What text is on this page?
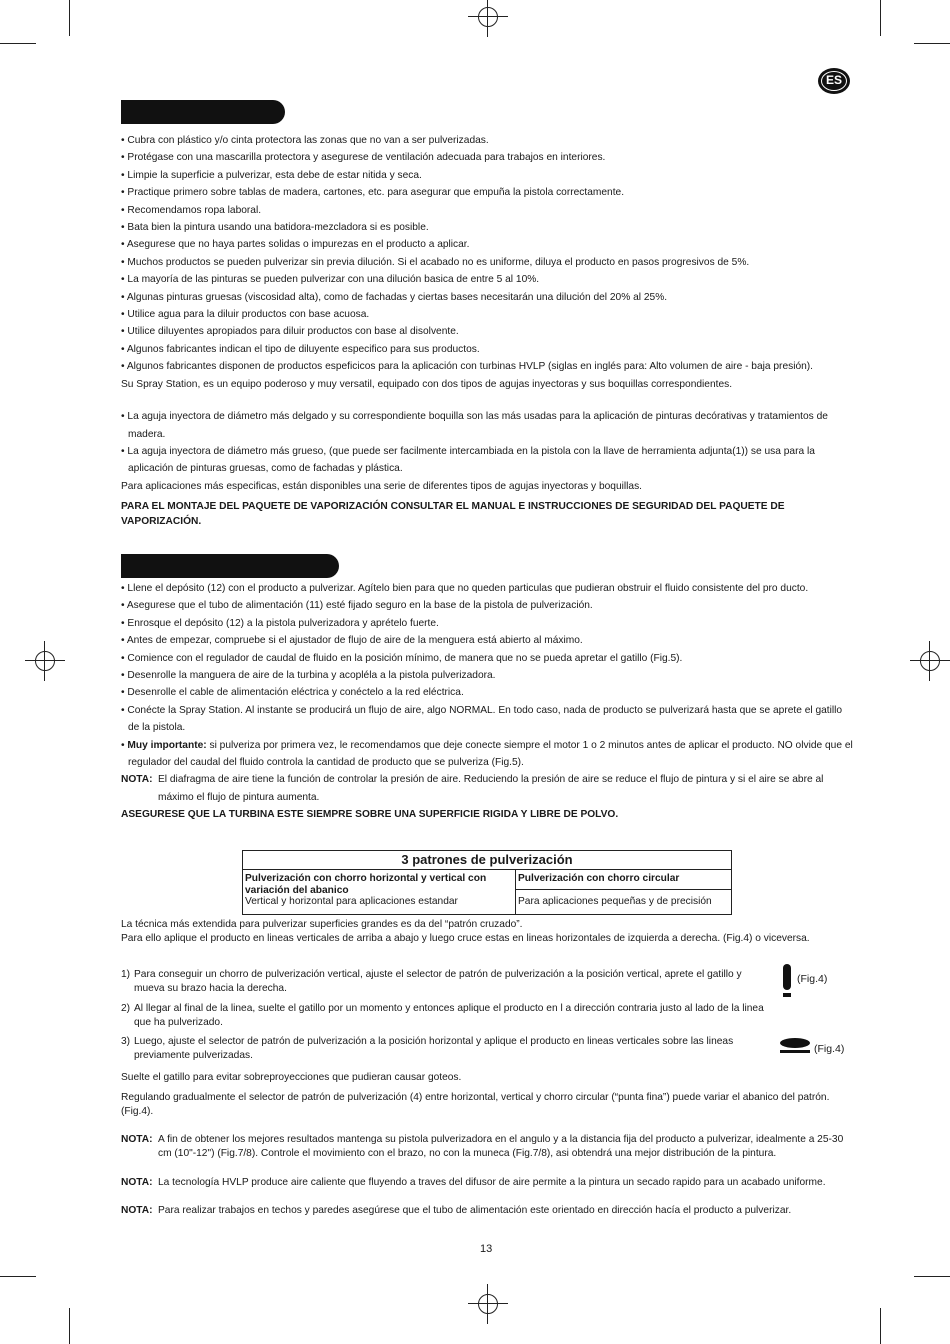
ES
• Cubra con plástico y/o cinta protectora las zonas que no van a ser pulverizadas.
• Protégase con una mascarilla protectora y asegurese de ventilación adecuada para trabajos en interiores.
• Limpie la superficie a pulverizar, esta debe de estar nitida y seca.
• Practique primero sobre tablas de madera, cartones, etc. para asegurar que empuña la pistola correctamente.
• Recomendamos ropa laboral.
• Bata bien la pintura usando una batidora-mezcladora si es posible.
• Asegurese que no haya partes solidas o impurezas en el producto a aplicar.
• Muchos productos se pueden pulverizar sin previa dilución. Si el acabado no es uniforme, diluya el producto en pasos progresivos de 5%.
• La mayoría de las pinturas se pueden pulverizar con una dilución basica de entre 5 al 10%.
• Algunas pinturas gruesas (viscosidad alta), como de fachadas y ciertas bases necesitarán una dilución del 20% al 25%.
• Utilice agua para la diluir productos con base acuosa.
• Utilice diluyentes apropiados para diluir productos con base al disolvente.
• Algunos fabricantes indican el tipo de diluyente especifico para sus productos.
• Algunos fabricantes disponen de productos espeficicos para la aplicación con turbinas HVLP (siglas en inglés para: Alto volumen de aire - baja presión).
Su Spray Station, es un equipo poderoso y muy versatil, equipado con dos tipos de agujas inyectoras y sus boquillas correspondientes.
• La aguja inyectora de diámetro más delgado y su correspondiente boquilla son las más usadas para la aplicación de pinturas decórativas y tratamientos de madera.
• La aguja inyectora de diámetro más grueso, (que puede ser facilmente intercambiada en la pistola con la llave de herramienta adjunta(1)) se usa para la aplicación de pinturas gruesas, como de fachadas y plástica.
Para aplicaciones más especificas, están disponibles una serie de diferentes tipos de agujas inyectoras y boquillas.
PARA EL MONTAJE DEL PAQUETE DE VAPORIZACIÓN CONSULTAR EL MANUAL E INSTRUCCIONES DE SEGURIDAD DEL PAQUETE DE VAPORIZACIÓN.
• Llene el depósito (12) con el producto a pulverizar. Agítelo bien para que no queden particulas que pudieran obstruir el fluido consistente del pro ducto.
• Asegurese que el tubo de alimentación (11) esté fijado seguro en la base de la pistola de pulverización.
• Enrosque el depósito (12) a la pistola pulverizadora y aprételo fuerte.
• Antes de empezar, compruebe si el ajustador de flujo de aire de la menguera está abierto al máximo.
• Comience con el regulador de caudal de fluido en la posición mínimo, de manera que no se pueda apretar el gatillo (Fig.5).
• Desenrolle la manguera de aire de la turbina y acopléla a la pistola pulverizadora.
• Desenrolle el cable de alimentación eléctrica y conéctelo a la red eléctrica.
• Conécte la Spray Station. Al instante se producirá un flujo de aire, algo NORMAL. En todo caso, nada de producto se pulverizará hasta que se aprete el gatillo de la pistola.
• Muy importante: si pulveriza por primera vez, le recomendamos que deje conecte siempre el motor 1 o 2 minutos antes de aplicar el producto. NO olvide que el regulador del caudal del fluido controla la cantidad de producto que se pulveriza (Fig.5).
NOTA: El diafragma de aire tiene la función de controlar la presión de aire. Reduciendo la presión de aire se reduce el flujo de pintura y si el aire se abre al máximo el flujo de pintura aumenta.
ASEGURESE QUE LA TURBINA ESTE SIEMPRE SOBRE UNA SUPERFICIE RIGIDA Y LIBRE DE POLVO.
3 patrones de pulverización
Pulverización con chorro horizontal y vertical con variación del abanico
Vertical y horizontal para aplicaciones estandar
Pulverización con chorro circular
Para aplicaciones pequeñas y de precisión
La técnica más extendida para pulverizar superficies grandes es da del “patrón cruzado”.
Para ello aplique el producto en lineas verticales de arriba a abajo y luego cruce estas en lineas horizontales de izquierda a derecha. (Fig.4) o viceversa.
1) Para conseguir un chorro de pulverización vertical, ajuste el selector de patrón de pulverización a la posición vertical, aprete el gatillo y mueva su brazo hacia la derecha.
2) Al llegar al final de la linea, suelte el gatillo por un momento y entonces aplique el producto en l a dirección contraria justo al lado de la linea que ha pulverizado.
3) Luego, ajuste el selector de patrón de pulverización a la posición horizontal y aplique el producto en lineas verticales sobre las lineas previamente pulverizadas.
(Fig.4)
(Fig.4)
Suelte el gatillo para evitar sobreproyecciones que pudieran causar goteos.
Regulando gradualmente el selector de patrón de pulverización (4) entre horizontal, vertical y chorro circular (“punta fina”) puede variar el abanico del patrón. (Fig.4).
NOTA: A fin de obtener los mejores resultados mantenga su pistola pulverizadora en el angulo y a la distancia fija del producto a pulverizar, idealmente a 25-30 cm (10"-12") (Fig.7/8). Controle el movimiento con el brazo, no con la muneca (Fig.7/8), asi obtendrá una mejor distribución de la pintura.
NOTA: La tecnología HVLP produce aire caliente que fluyendo a traves del difusor de aire permite a la pintura un secado rapido para un acabado uniforme.
NOTA: Para realizar trabajos en techos y paredes asegúrese que el tubo de alimentación este orientado en dirección hacía el producto a pulverizar.
13
